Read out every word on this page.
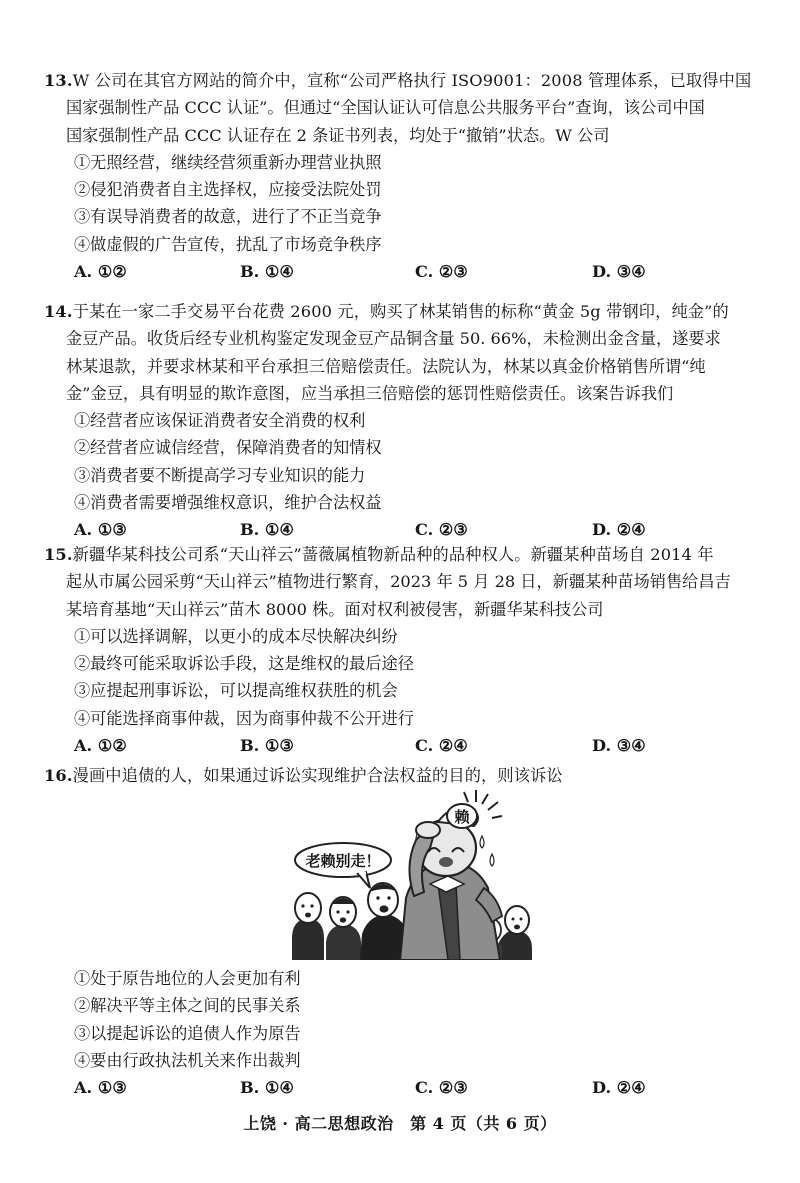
13.W 公司在其官方网站的简介中，宣称“公司严格执行 ISO9001：2008 管理体系，已取得中国
国家强制性产品 CCC 认证”。但通过“全国认证认可信息公共服务平台”查询，该公司中国
国家强制性产品 CCC 认证存在 2 条证书列表，均处于“撤销”状态。W 公司
①无照经营，继续经营须重新办理营业执照
②侵犯消费者自主选择权，应接受法院处罚
③有误导消费者的故意，进行了不正当竞争
④做虚假的广告宣传，扰乱了市场竞争秩序
A. ①②	B. ①④	C. ②③	D. ③④
14.于某在一家二手交易平台花费 2600 元，购买了林某销售的标称“黄金 5g 带钢印，纯金”的
金豆产品。收货后经专业机构鉴定发现金豆产品铜含量 50. 66%，未检测出金含量，遂要求
林某退款，并要求林某和平台承担三倍赔偿责任。法院认为，林某以真金价格销售所谓“纯
金”金豆，具有明显的欺诈意图，应当承担三倍赔偿的惩罚性赔偿责任。该案告诉我们
①经营者应该保证消费者安全消费的权利
②经营者应诚信经营，保障消费者的知情权
③消费者要不断提高学习专业知识的能力
④消费者需要增强维权意识，维护合法权益
A. ①③	B. ①④	C. ②③	D. ②④
15.新疆华某科技公司系“天山祥云”蔷薇属植物新品种的品种权人。新疆某种苗场自 2014 年
起从市属公园采剪“天山祥云”植物进行繁育，2023 年 5 月 28 日，新疆某种苗场销售给昌吉
某培育基地“天山祥云”苗木 8000 株。面对权利被侵害，新疆华某科技公司
①可以选择调解，以更小的成本尽快解决纠纷
②最终可能采取诉讼手段，这是维权的最后途径
③应提起刑事诉讼，可以提高维权获胜的机会
④可能选择商事仲裁，因为商事仲裁不公开进行
A. ①②	B. ①③	C. ②④	D. ③④
16.漫画中追债的人，如果通过诉讼实现维护合法权益的目的，则该诉讼
赖
老赖别走！
①处于原告地位的人会更加有利
②解决平等主体之间的民事关系
③以提起诉讼的追债人作为原告
④要由行政执法机关来作出裁判
A. ①③	B. ①④	C. ②③	D. ②④
上饶 · 高二思想政治　第 4 页（共 6 页）
